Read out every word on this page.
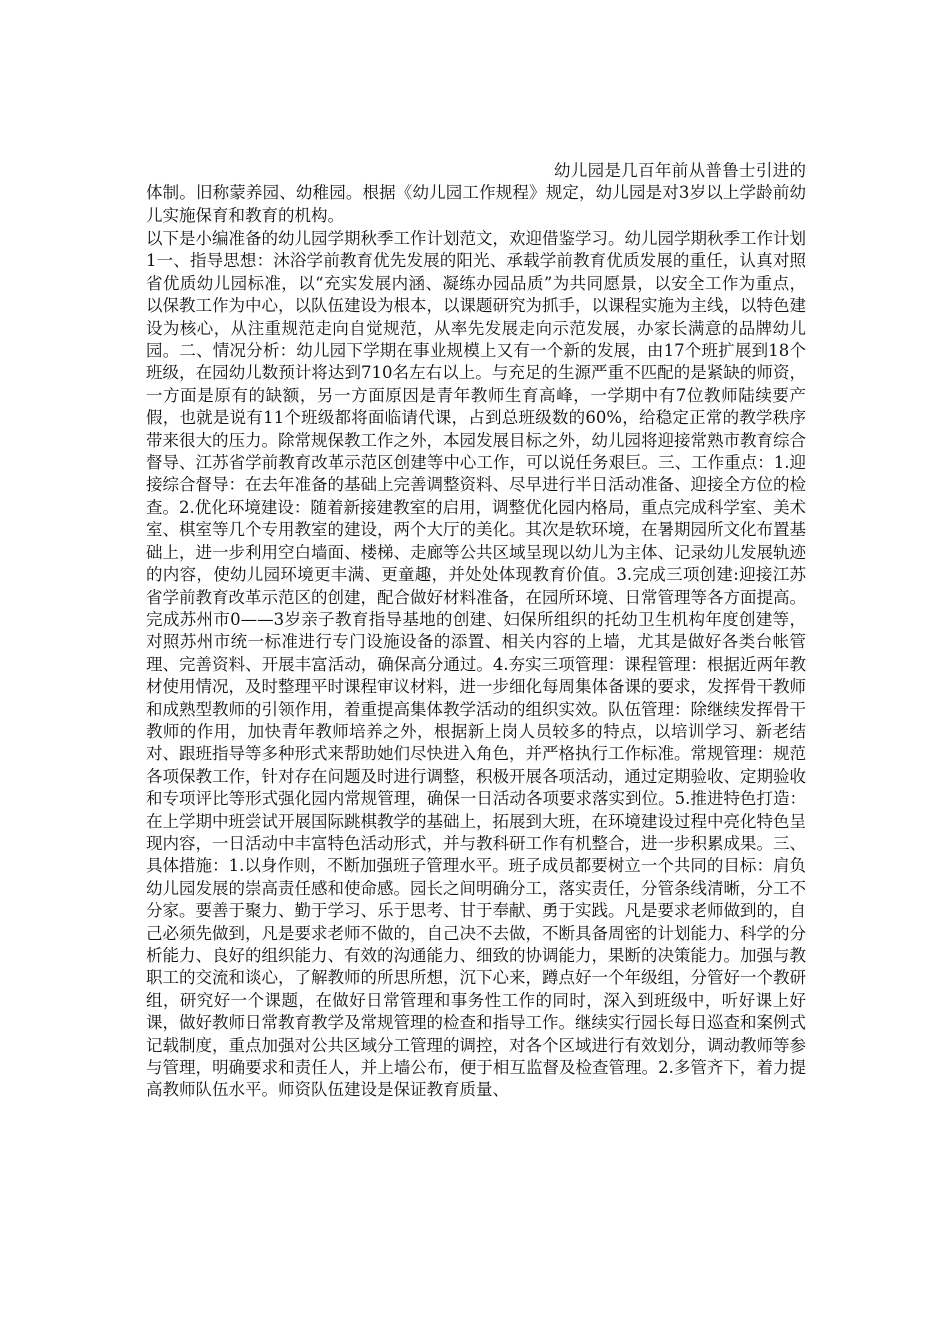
幼儿园是几百年前从普鲁士引进的体制。旧称蒙养园、幼稚园。根据《幼儿园工作规程》规定，幼儿园是对3岁以上学龄前幼儿实施保育和教育的机构。

以下是小编准备的幼儿园学期秋季工作计划范文，欢迎借鉴学习。幼儿园学期秋季工作计划1一、指导思想：沐浴学前教育优先发展的阳光、承载学前教育优质发展的重任，认真对照省优质幼儿园标准，以“充实发展内涵、凝练办园品质”为共同愿景，以安全工作为重点，以保教工作为中心，以队伍建设为根本，以课题研究为抓手，以课程实施为主线，以特色建设为核心，从注重规范走向自觉规范，从率先发展走向示范发展，办家长满意的品牌幼儿园。二、情况分析：幼儿园下学期在事业规模上又有一个新的发展，由17个班扩展到18个班级，在园幼儿数预计将达到710名左右以上。与充足的生源严重不匹配的是紧缺的师资，一方面是原有的缺额，另一方面原因是青年教师生育高峰，一学期中有7位教师陆续要产假，也就是说有11个班级都将面临请代课，占到总班级数的60%，给稳定正常的教学秩序带来很大的压力。除常规保教工作之外，本园发展目标之外，幼儿园将迎接常熟市教育综合督导、江苏省学前教育改革示范区创建等中心工作，可以说任务艰巨。三、工作重点：1.迎接综合督导：在去年准备的基础上完善调整资料、尽早进行半日活动准备、迎接全方位的检查。2.优化环境建设：随着新接建教室的启用，调整优化园内格局，重点完成科学室、美术室、棋室等几个专用教室的建设，两个大厅的美化。其次是软环境，在暑期园所文化布置基础上，进一步利用空白墙面、楼梯、走廊等公共区域呈现以幼儿为主体、记录幼儿发展轨迹的内容，使幼儿园环境更丰满、更童趣，并处处体现教育价值。3.完成三项创建:迎接江苏省学前教育改革示范区的创建，配合做好材料准备，在园所环境、日常管理等各方面提高。完成苏州市0——3岁亲子教育指导基地的创建、妇保所组织的托幼卫生机构年度创建等，对照苏州市统一标准进行专门设施设备的添置、相关内容的上墙，尤其是做好各类台帐管理、完善资料、开展丰富活动，确保高分通过。4.夯实三项管理：课程管理：根据近两年教材使用情况，及时整理平时课程审议材料，进一步细化每周集体备课的要求，发挥骨干教师和成熟型教师的引领作用，着重提高集体教学活动的组织实效。队伍管理：除继续发挥骨干教师的作用，加快青年教师培养之外，根据新上岗人员较多的特点，以培训学习、新老结对、跟班指导等多种形式来帮助她们尽快进入角色，并严格执行工作标准。常规管理：规范各项保教工作，针对存在问题及时进行调整，积极开展各项活动，通过定期验收、定期验收和专项评比等形式强化园内常规管理，确保一日活动各项要求落实到位。5.推进特色打造：在上学期中班尝试开展国际跳棋教学的基础上，拓展到大班，在环境建设过程中亮化特色呈现内容，一日活动中丰富特色活动形式，并与教科研工作有机整合，进一步积累成果。三、具体措施：1.以身作则，不断加强班子管理水平。班子成员都要树立一个共同的目标：肩负幼儿园发展的崇高责任感和使命感。园长之间明确分工，落实责任，分管条线清晰，分工不分家。要善于聚力、勤于学习、乐于思考、甘于奉献、勇于实践。凡是要求老师做到的，自己必须先做到，凡是要求老师不做的，自己决不去做，不断具备周密的计划能力、科学的分析能力、良好的组织能力、有效的沟通能力、细致的协调能力，果断的决策能力。加强与教职工的交流和谈心，了解教师的所思所想，沉下心来，蹲点好一个年级组，分管好一个教研组，研究好一个课题，在做好日常管理和事务性工作的同时，深入到班级中，听好课上好课，做好教师日常教育教学及常规管理的检查和指导工作。继续实行园长每日巡查和案例式记载制度，重点加强对公共区域分工管理的调控，对各个区域进行有效划分，调动教师等参与管理，明确要求和责任人，并上墙公布，便于相互监督及检查管理。2.多管齐下，着力提高教师队伍水平。师资队伍建设是保证教育质量、
